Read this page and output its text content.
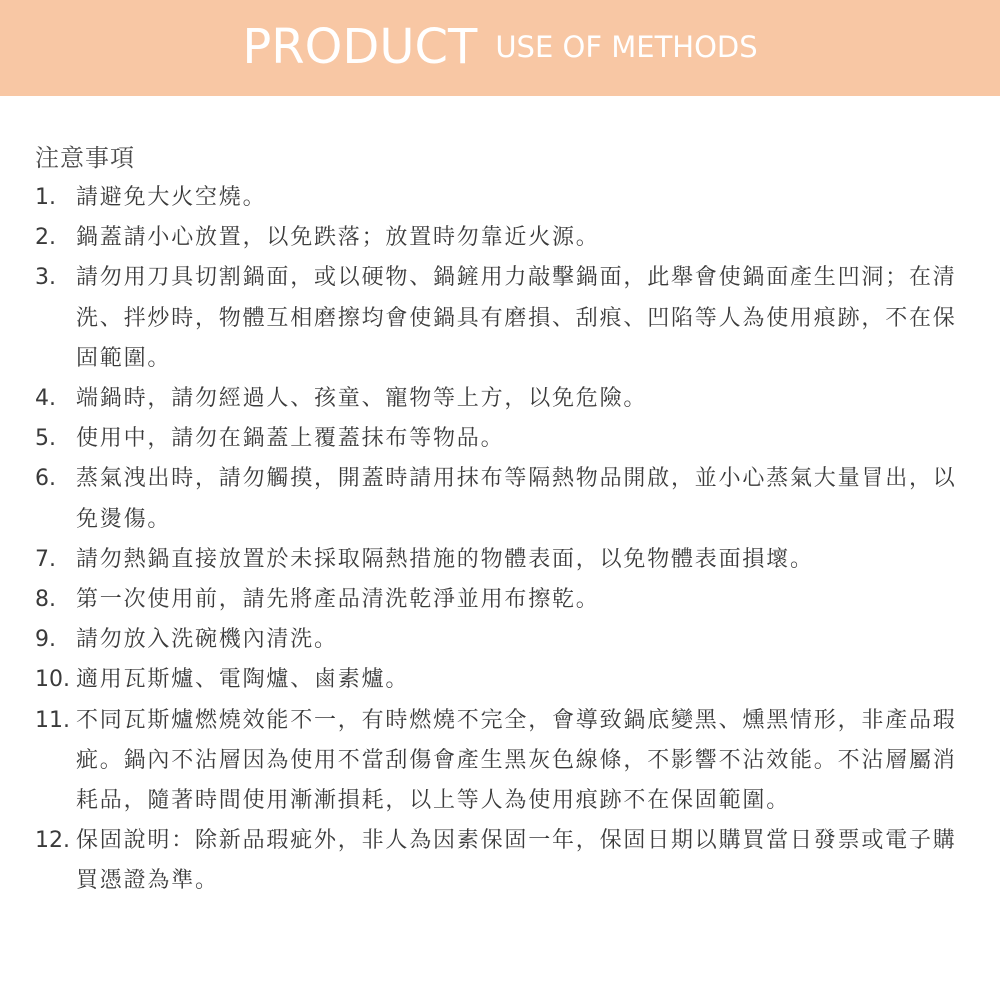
PRODUCT USE OF METHODS
注意事項
1. 請避免大火空燒。
2. 鍋蓋請小心放置，以免跌落；放置時勿靠近火源。
3. 請勿用刀具切割鍋面，或以硬物、鍋鏟用力敲擊鍋面，此舉會使鍋面產生凹洞；在清洗、拌炒時，物體互相磨擦均會使鍋具有磨損、刮痕、凹陷等人為使用痕跡，不在保固範圍。
4. 端鍋時，請勿經過人、孩童、寵物等上方，以免危險。
5. 使用中，請勿在鍋蓋上覆蓋抹布等物品。
6. 蒸氣洩出時，請勿觸摸，開蓋時請用抹布等隔熱物品開啟，並小心蒸氣大量冒出，以免燙傷。
7. 請勿熱鍋直接放置於未採取隔熱措施的物體表面，以免物體表面損壞。
8. 第一次使用前，請先將產品清洗乾淨並用布擦乾。
9. 請勿放入洗碗機內清洗。
10. 適用瓦斯爐、電陶爐、鹵素爐。
11. 不同瓦斯爐燃燒效能不一，有時燃燒不完全，會導致鍋底變黑、燻黑情形，非產品瑕疵。鍋內不沾層因為使用不當刮傷會產生黑灰色線條，不影響不沾效能。不沾層屬消耗品，隨著時間使用漸漸損耗，以上等人為使用痕跡不在保固範圍。
12. 保固說明：除新品瑕疵外，非人為因素保固一年，保固日期以購買當日發票或電子購買憑證為準。
